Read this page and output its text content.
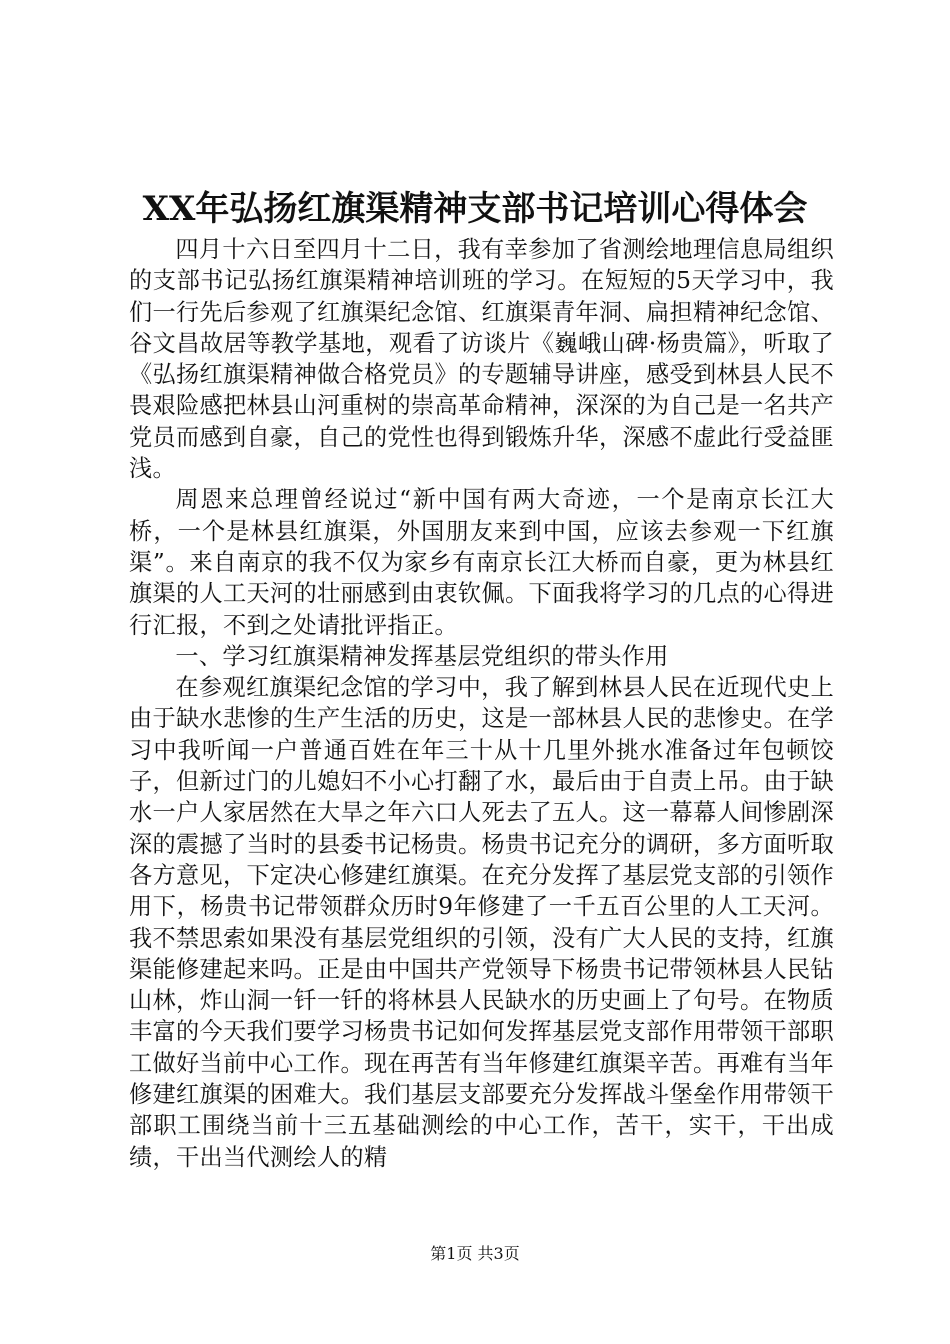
XX年弘扬红旗渠精神支部书记培训心得体会

四月十六日至四月十二日，我有幸参加了省测绘地理信息局组织的支部书记弘扬红旗渠精神培训班的学习。在短短的5天学习中，我们一行先后参观了红旗渠纪念馆、红旗渠青年洞、扁担精神纪念馆、谷文昌故居等教学基地，观看了访谈片《巍峨山碑·杨贵篇》，听取了《弘扬红旗渠精神做合格党员》的专题辅导讲座，感受到林县人民不畏艰险感把林县山河重树的崇高革命精神，深深的为自己是一名共产党员而感到自豪，自己的党性也得到锻炼升华，深感不虚此行受益匪浅。

周恩来总理曾经说过“新中国有两大奇迹，一个是南京长江大桥，一个是林县红旗渠，外国朋友来到中国，应该去参观一下红旗渠”。来自南京的我不仅为家乡有南京长江大桥而自豪，更为林县红旗渠的人工天河的壮丽感到由衷钦佩。下面我将学习的几点的心得进行汇报，不到之处请批评指正。

一、学习红旗渠精神发挥基层党组织的带头作用

在参观红旗渠纪念馆的学习中，我了解到林县人民在近现代史上由于缺水悲惨的生产生活的历史，这是一部林县人民的悲惨史。在学习中我听闻一户普通百姓在年三十从十几里外挑水准备过年包顿饺子，但新过门的儿媳妇不小心打翻了水，最后由于自责上吊。由于缺水一户人家居然在大旱之年六口人死去了五人。这一幕幕人间惨剧深深的震撼了当时的县委书记杨贵。杨贵书记充分的调研，多方面听取各方意见，下定决心修建红旗渠。在充分发挥了基层党支部的引领作用下，杨贵书记带领群众历时9年修建了一千五百公里的人工天河。我不禁思索如果没有基层党组织的引领，没有广大人民的支持，红旗渠能修建起来吗。正是由中国共产党领导下杨贵书记带领林县人民钻山林，炸山洞一钎一钎的将林县人民缺水的历史画上了句号。在物质丰富的今天我们要学习杨贵书记如何发挥基层党支部作用带领干部职工做好当前中心工作。现在再苦有当年修建红旗渠辛苦。再难有当年修建红旗渠的困难大。我们基层支部要充分发挥战斗堡垒作用带领干部职工围绕当前十三五基础测绘的中心工作，苦干，实干，干出成绩，干出当代测绘人的精

第1页 共3页
